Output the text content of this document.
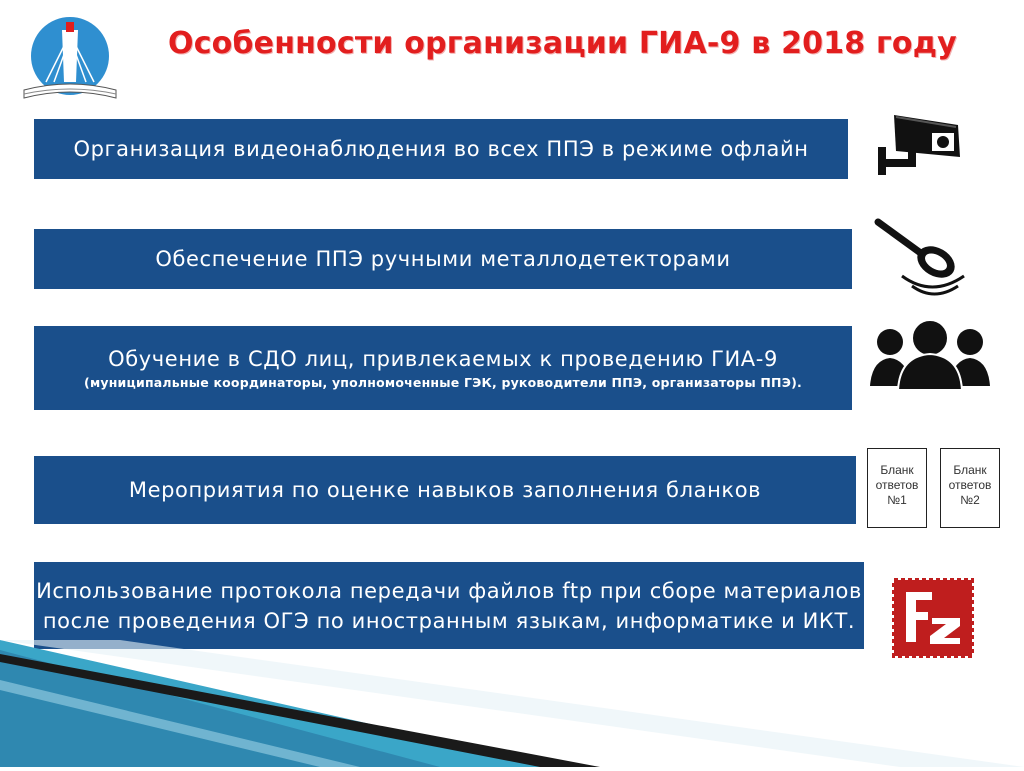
Особенности организации ГИА-9 в 2018 году
Организация видеонаблюдения во всех ППЭ в режиме офлайн
Обеспечение ППЭ ручными металлодетекторами
Обучение в СДО лиц, привлекаемых к проведению ГИА-9
(муниципальные координаторы, уполномоченные ГЭК, руководители ППЭ, организаторы ППЭ).
Мероприятия по оценке навыков заполнения бланков
Использование протокола передачи файлов ftp при сборе материалов
после проведения ОГЭ по иностранным языкам, информатике и ИКТ.
Бланк
ответов
№1
Бланк
ответов
№2
